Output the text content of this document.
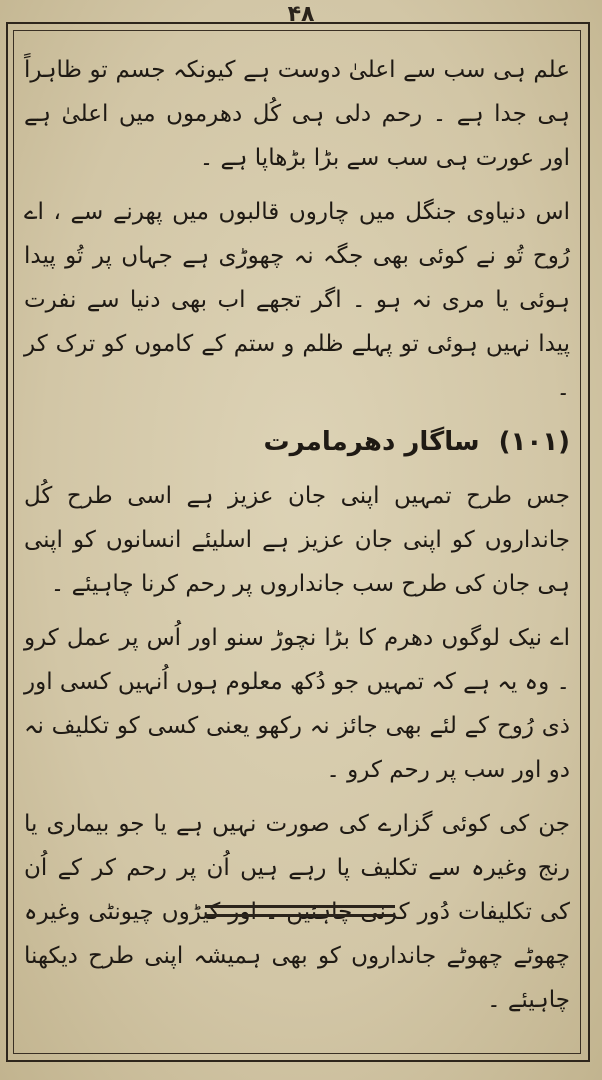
۴۸

علم ہی سب سے اعلیٰ دوست ہے کیونکہ جسم تو ظاہراً ہی جدا ہے ۔ رحم دلی ہی کُل دھرموں میں اعلیٰ ہے اور عورت ہی سب سے بڑا بڑھاپا ہے ۔

اس دنیاوی جنگل میں چاروں قالبوں میں پھرنے سے ، اے رُوح تُو نے کوئی بھی جگہ نہ چھوڑی ہے جہاں پر تُو پیدا ہوئی یا مری نہ ہو ۔ اگر تجھے اب بھی دنیا سے نفرت پیدا نہیں ہوئی تو پہلے ظلم و ستم کے کاموں کو ترک کر ۔

(۱۰۱) ساگار دھرمامرت

جس طرح تمہیں اپنی جان عزیز ہے اسی طرح کُل جانداروں کو اپنی جان عزیز ہے اسلیئے انسانوں کو اپنی ہی جان کی طرح سب جانداروں پر رحم کرنا چاہیئے ۔

اے نیک لوگوں دھرم کا بڑا نچوڑ سنو اور اُس پر عمل کرو ۔ وہ یہ ہے کہ تمہیں جو دُکھ معلوم ہوں اُنہیں کسی اور ذی رُوح کے لئے بھی جائز نہ رکھو یعنی کسی کو تکلیف نہ دو اور سب پر رحم کرو ۔

جن کی کوئی گزارے کی صورت نہیں ہے یا جو بیماری یا رنج وغیرہ سے تکلیف پا رہے ہیں اُن پر رحم کر کے اُن کی تکلیفات دُور کرنی چاہئیں ۔ اور کیڑوں چیونٹی وغیرہ چھوٹے چھوٹے جانداروں کو بھی ہمیشہ اپنی طرح دیکھنا چاہیئے ۔
